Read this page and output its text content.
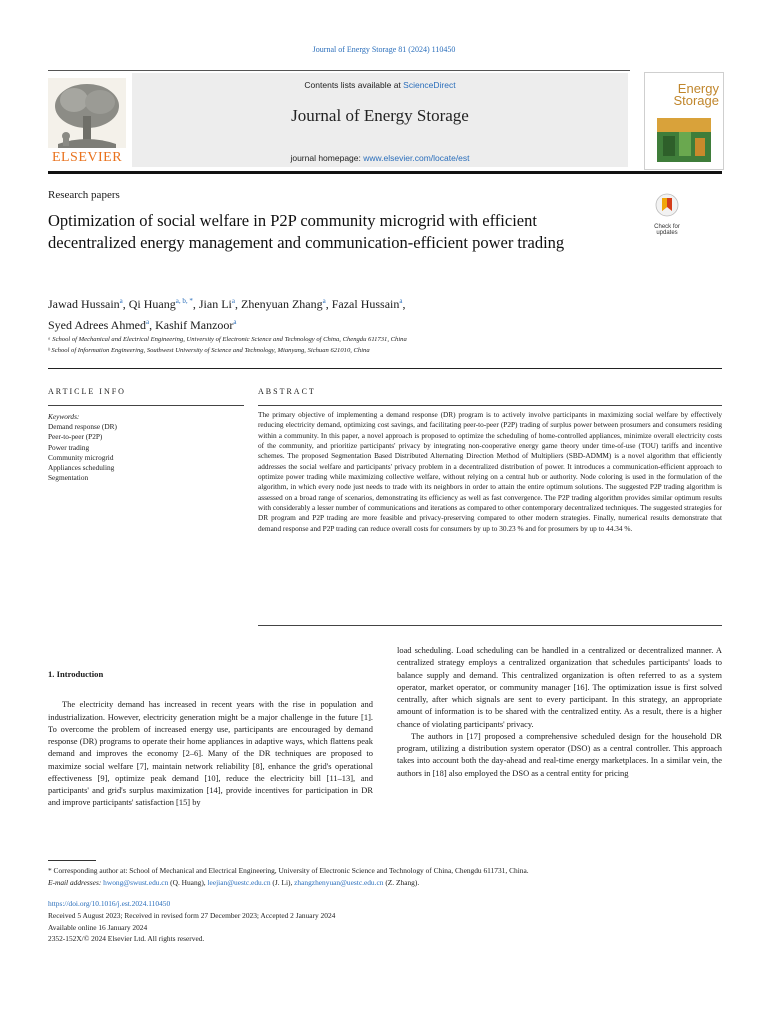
Journal of Energy Storage 81 (2024) 110450
ELSEVIER
Contents lists available at ScienceDirect
Journal of Energy Storage
journal homepage: www.elsevier.com/locate/est
Energy
Storage
Research papers
Optimization of social welfare in P2P community microgrid with efficient decentralized energy management and communication-efficient power trading
Check for
updates
Jawad Hussain$^a$, Qi Huang$^{a, b, *}$, Jian Li$^a$, Zhenyuan Zhang$^a$, Fazal Hussain$^a$,
Syed Adrees Ahmed$^a$, Kashif Manzoor$^a$
ᵃ School of Mechanical and Electrical Engineering, University of Electronic Science and Technology of China, Chengdu 611731, China
ᵇ School of Information Engineering, Southwest University of Science and Technology, Mianyang, Sichuan 621010, China
ARTICLE INFO	ABSTRACT
Keywords:
Demand response (DR)
Peer-to-peer (P2P)
Power trading
Community microgrid
Appliances scheduling
Segmentation
The primary objective of implementing a demand response (DR) program is to actively involve participants in maximizing social welfare by effectively reducing electricity demand, optimizing cost savings, and facilitating peer-to-peer (P2P) trading of surplus power between prosumers and consumers residing within a community. In this paper, a novel approach is proposed to optimize the scheduling of home-controlled appliances, minimize overall electricity costs of the community, and prioritize participants' privacy by integrating non-cooperative energy game theory under time-of-use (TOU) tariffs and incentive schemes. The proposed Segmentation Based Distributed Alternating Direction Method of Multipliers (SBD-ADMM) is a novel algorithm that efficiently addresses the social welfare and participants' privacy problem in a decentralized distribution of power. It introduces a communication-efficient approach to optimize power trading while maximizing collective welfare, without relying on a central hub or authority. Node coloring is used in the formulation of the algorithm, in which every node just needs to trade with its neighbors in order to attain the entire optimum solutions. The suggested P2P trading algorithm is assessed on a broad range of scenarios, demonstrating its efficiency as well as fast convergence. The P2P trading algorithm provides similar optimum results with considerably a lesser number of communications and iterations as compared to other contemporary decentralized techniques. The suggested strategies for DR program and P2P trading are more feasible and privacy-preserving compared to other modern strategies. Finally, numerical results demonstrate that demand response and P2P trading can reduce overall costs for consumers by up to 30.23 % and for prosumers by up to 44.34 %.
1. Introduction

The electricity demand has increased in recent years with the rise in population and industrialization. However, electricity generation might be a major challenge in the future [1]. To overcome the problem of increased energy use, participants are encouraged by demand response (DR) programs to operate their home appliances in adaptive ways, which flattens peak demand and improves the economy [2–6]. Many of the DR techniques are proposed to maximize social welfare [7], maintain network reliability [8], enhance the grid's operational effectiveness [9], optimize peak demand [10], reduce the electricity bill [11–13], and participants' and grid's surplus maximization [14], provide incentives for participation in DR and improve participants' satisfaction [15] by

load scheduling. Load scheduling can be handled in a centralized or decentralized manner. A centralized strategy employs a centralized organization that schedules participants' loads to balance supply and demand. This centralized organization is often referred to as a system operator, market operator, or community manager [16]. The optimization issue is first solved centrally, after which signals are sent to every participant. In this strategy, an appropriate amount of information is to be shared with the centralized entity. As a result, there is a higher chance of violating participants' privacy.

The authors in [17] proposed a comprehensive scheduled design for the household DR program, utilizing a distribution system operator (DSO) as a central controller. This approach takes into account both the day-ahead and real-time energy marketplaces. In a similar vein, the authors in [18] also employed the DSO as a central entity for pricing

* Corresponding author at: School of Mechanical and Electrical Engineering, University of Electronic Science and Technology of China, Chengdu 611731, China.
E-mail addresses: hwong@swust.edu.cn (Q. Huang), leejian@uestc.edu.cn (J. Li), zhangzhenyuan@uestc.edu.cn (Z. Zhang).
https://doi.org/10.1016/j.est.2024.110450
Received 5 August 2023; Received in revised form 27 December 2023; Accepted 2 January 2024
Available online 16 January 2024
2352-152X/© 2024 Elsevier Ltd. All rights reserved.
